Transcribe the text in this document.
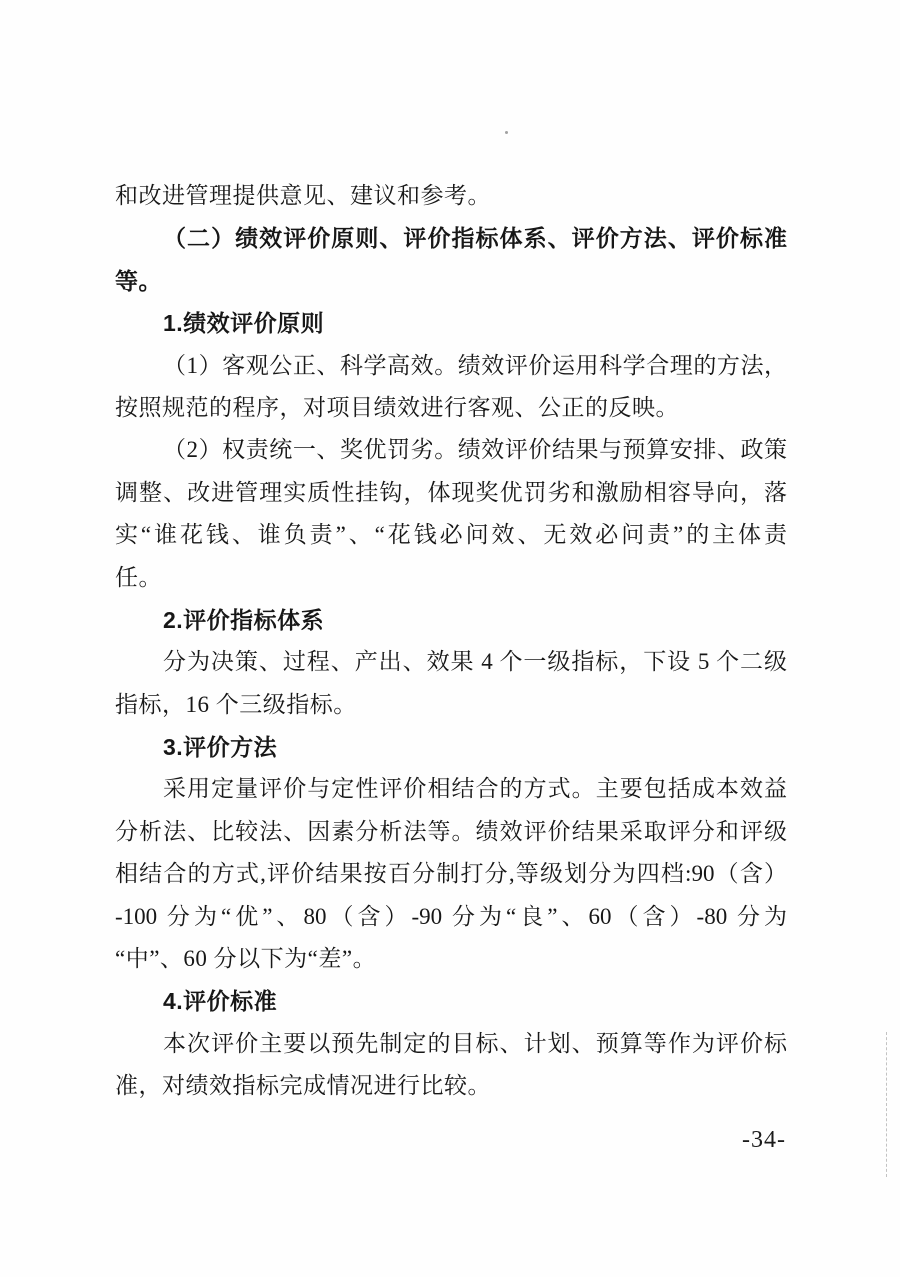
和改进管理提供意见、建议和参考。
（二）绩效评价原则、评价指标体系、评价方法、评价标准
等。
1.绩效评价原则
（1）客观公正、科学高效。绩效评价运用科学合理的方法，
按照规范的程序，对项目绩效进行客观、公正的反映。
（2）权责统一、奖优罚劣。绩效评价结果与预算安排、政策
调整、改进管理实质性挂钩，体现奖优罚劣和激励相容导向，落
实“谁花钱、谁负责”、“花钱必问效、无效必问责”的主体责
任。
2.评价指标体系
分为决策、过程、产出、效果 4 个一级指标，下设 5 个二级
指标，16 个三级指标。
3.评价方法
采用定量评价与定性评价相结合的方式。主要包括成本效益
分析法、比较法、因素分析法等。绩效评价结果采取评分和评级
相结合的方式,评价结果按百分制打分,等级划分为四档:90（含）
-100 分为“优”、80（含）-90 分为“良”、60（含）-80 分为
“中”、60 分以下为“差”。
4.评价标准
本次评价主要以预先制定的目标、计划、预算等作为评价标
准，对绩效指标完成情况进行比较。
-34-
